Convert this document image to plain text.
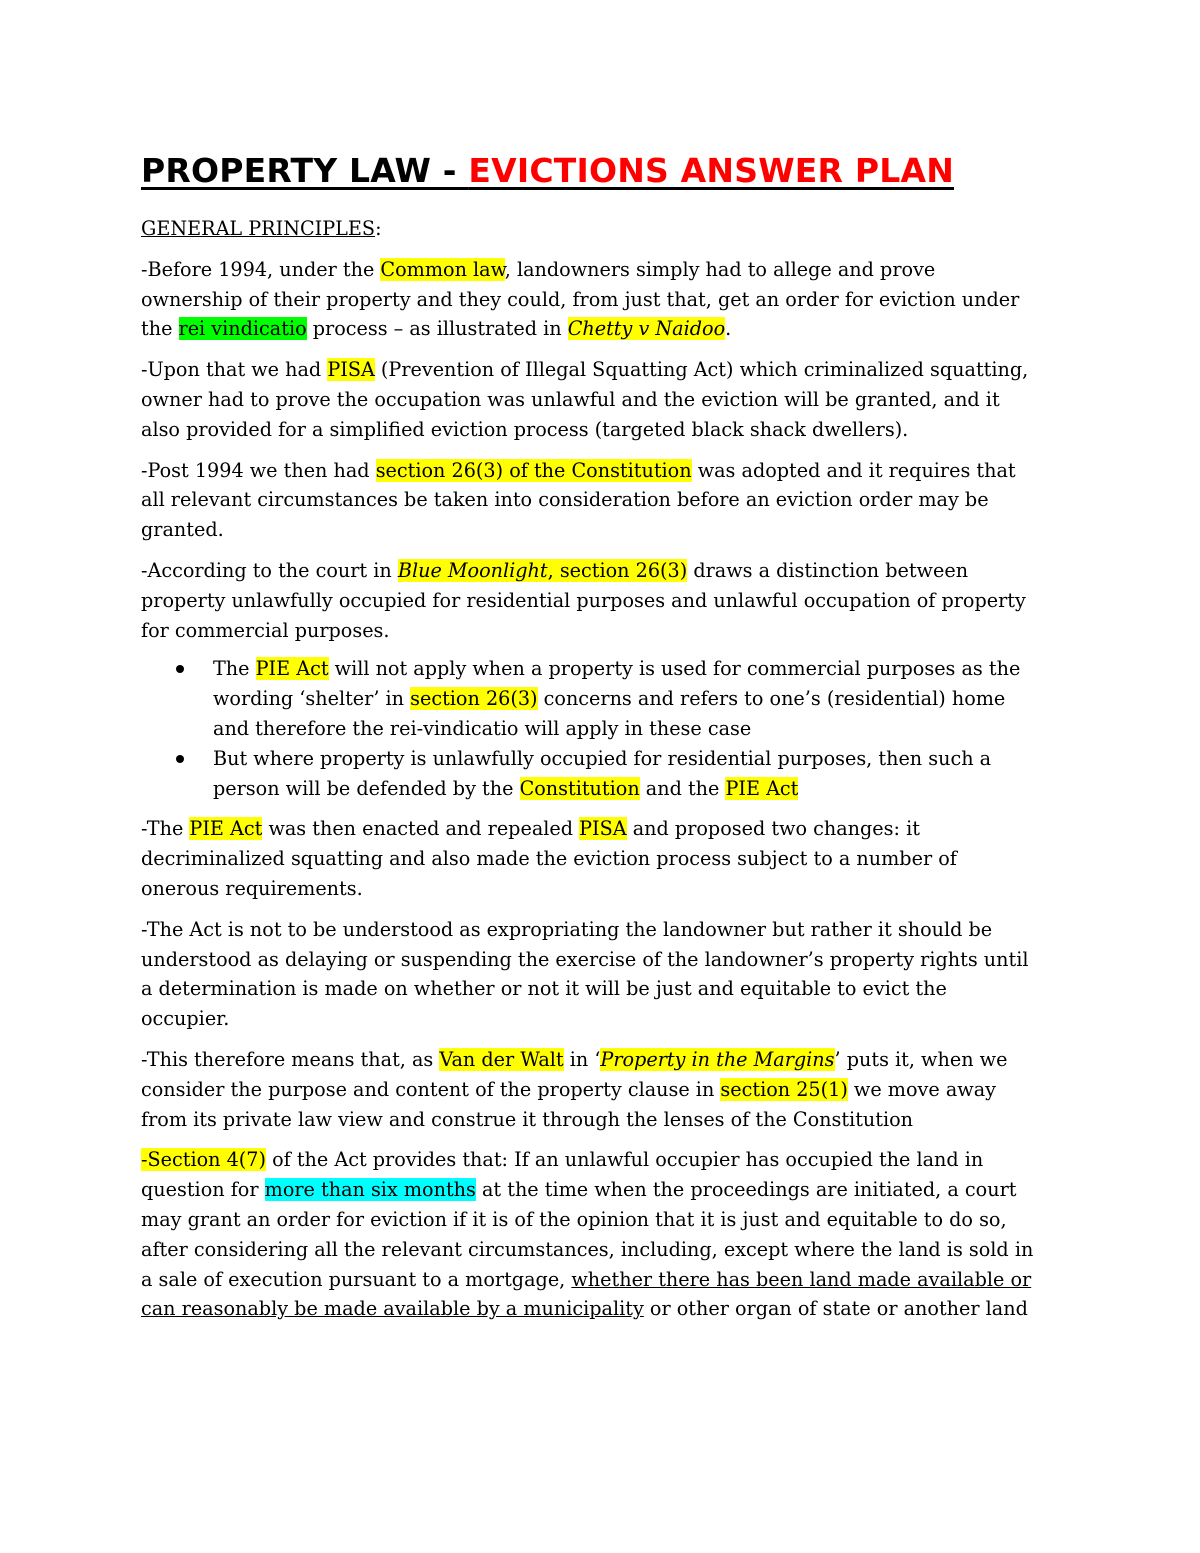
PROPERTY LAW - EVICTIONS ANSWER PLAN
GENERAL PRINCIPLES:
-Before 1994, under the Common law, landowners simply had to allege and prove
ownership of their property and they could, from just that, get an order for eviction under
the rei vindicatio process – as illustrated in Chetty v Naidoo.
-Upon that we had PISA (Prevention of Illegal Squatting Act) which criminalized squatting,
owner had to prove the occupation was unlawful and the eviction will be granted, and it
also provided for a simplified eviction process (targeted black shack dwellers).
-Post 1994 we then had section 26(3) of the Constitution was adopted and it requires that
all relevant circumstances be taken into consideration before an eviction order may be
granted.
-According to the court in Blue Moonlight, section 26(3) draws a distinction between
property unlawfully occupied for residential purposes and unlawful occupation of property
for commercial purposes.
The PIE Act will not apply when a property is used for commercial purposes as the
wording ‘shelter’ in section 26(3) concerns and refers to one’s (residential) home
and therefore the rei-vindicatio will apply in these case
But where property is unlawfully occupied for residential purposes, then such a
person will be defended by the Constitution and the PIE Act
-The PIE Act was then enacted and repealed PISA and proposed two changes: it
decriminalized squatting and also made the eviction process subject to a number of
onerous requirements.
-The Act is not to be understood as expropriating the landowner but rather it should be
understood as delaying or suspending the exercise of the landowner’s property rights until
a determination is made on whether or not it will be just and equitable to evict the
occupier.
-This therefore means that, as Van der Walt in ‘Property in the Margins’ puts it, when we
consider the purpose and content of the property clause in section 25(1) we move away
from its private law view and construe it through the lenses of the Constitution
-Section 4(7) of the Act provides that: If an unlawful occupier has occupied the land in
question for more than six months at the time when the proceedings are initiated, a court
may grant an order for eviction if it is of the opinion that it is just and equitable to do so,
after considering all the relevant circumstances, including, except where the land is sold in
a sale of execution pursuant to a mortgage, whether there has been land made available or
can reasonably be made available by a municipality or other organ of state or another land
